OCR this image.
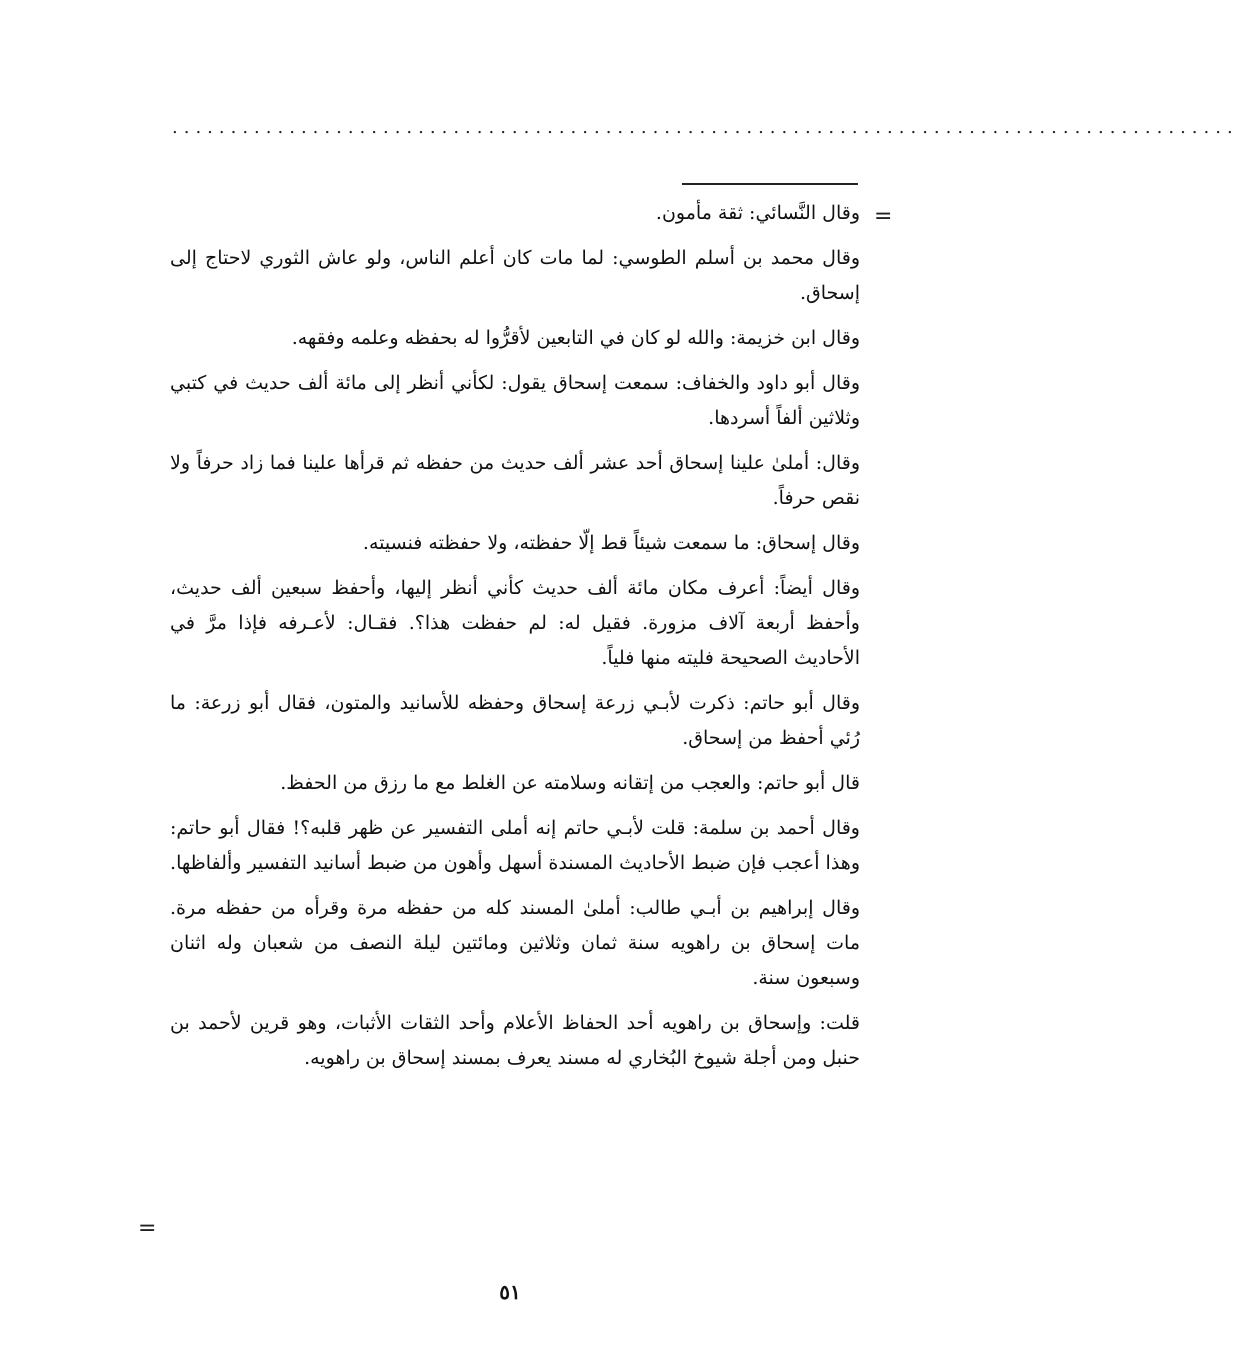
...........................................................................................
=
=

وقال النَّسائي: ثقة مأمون.

وقال محمد بن أسلم الطوسي: لما مات كان أعلم الناس، ولو عاش الثوري لاحتاج إلى إسحاق.

وقال ابن خزيمة: والله لو كان في التابعين لأقرُّوا له بحفظه وعلمه وفقهه.

وقال أبو داود والخفاف: سمعت إسحاق يقول: لكأني أنظر إلى مائة ألف حديث في كتبي وثلاثين ألفاً أسردها.

وقال: أملىٰ علينا إسحاق أحد عشر ألف حديث من حفظه ثم قرأها علينا فما زاد حرفاً ولا نقص حرفاً.

وقال إسحاق: ما سمعت شيئاً قط إلّا حفظته، ولا حفظته فنسيته.

وقال أيضاً: أعرف مكان مائة ألف حديث كأني أنظر إليها، وأحفظ سبعين ألف حديث، وأحفظ أربعة آلاف مزورة. فقيل له: لم حفظت هذا؟. فقـال: لأعـرفه فإذا مرَّ في الأحاديث الصحيحة فليته منها فلياً.

وقال أبو حاتم: ذكرت لأبـي زرعة إسحاق وحفظه للأسانيد والمتون، فقال أبو زرعة: ما رُئي أحفظ من إسحاق.

قال أبو حاتم: والعجب من إتقانه وسلامته عن الغلط مع ما رزق من الحفظ.

وقال أحمد بن سلمة: قلت لأبـي حاتم إنه أملى التفسير عن ظهر قلبه؟! فقال أبو حاتم: وهذا أعجب فإن ضبط الأحاديث المسندة أسهل وأهون من ضبط أسانيد التفسير وألفاظها.

وقال إبراهيم بن أبـي طالب: أملىٰ المسند كله من حفظه مرة وقرأه من حفظه مرة. مات إسحاق بن راهويه سنة ثمان وثلاثين ومائتين ليلة النصف من شعبان وله اثنان وسبعون سنة.

قلت: وإسحاق بن راهويه أحد الحفاظ الأعلام وأحد الثقات الأثبات، وهو قرين لأحمد بن حنبل ومن أجلة شيوخ البُخاري له مسند يعرف بمسند إسحاق بن راهويه.

٥١
